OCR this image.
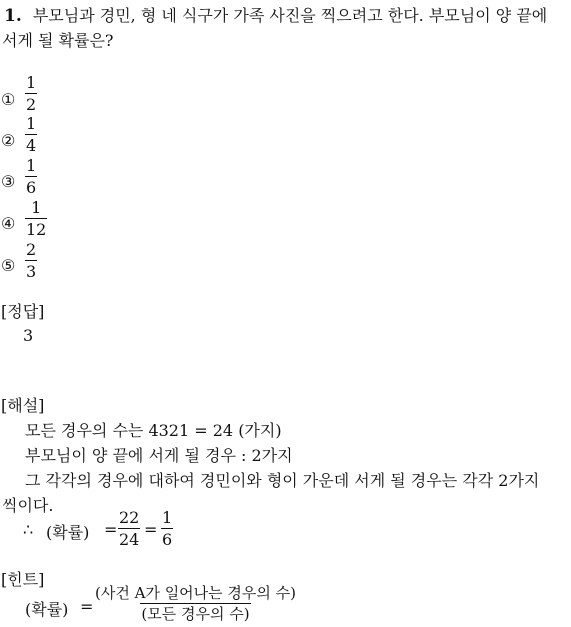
1. 부모님과 경민, 형 네 식구가 가족 사진을 찍으려고 한다. 부모님이 양 끝에
서게 될 확률은?
① $\frac{1}{2}$
② $\frac{1}{4}$
③ $\frac{1}{6}$
④ $\frac{1}{12}$
⑤ $\frac{2}{3}$
[정답]
3
[해설]
모든 경우의 수는 4321 = 24 (가지)
부모님이 양 끝에 서게 될 경우 : 2가지
그 각각의 경우에 대하여 경민이와 형이 가운데 서게 될 경우는 각각 2가지
씩이다.
∴ (확률) = $\frac{22}{24} = \frac{1}{6}$
[힌트]
(확률) =
(사건 A가 일어나는 경우의 수)
(모든 경우의 수)
